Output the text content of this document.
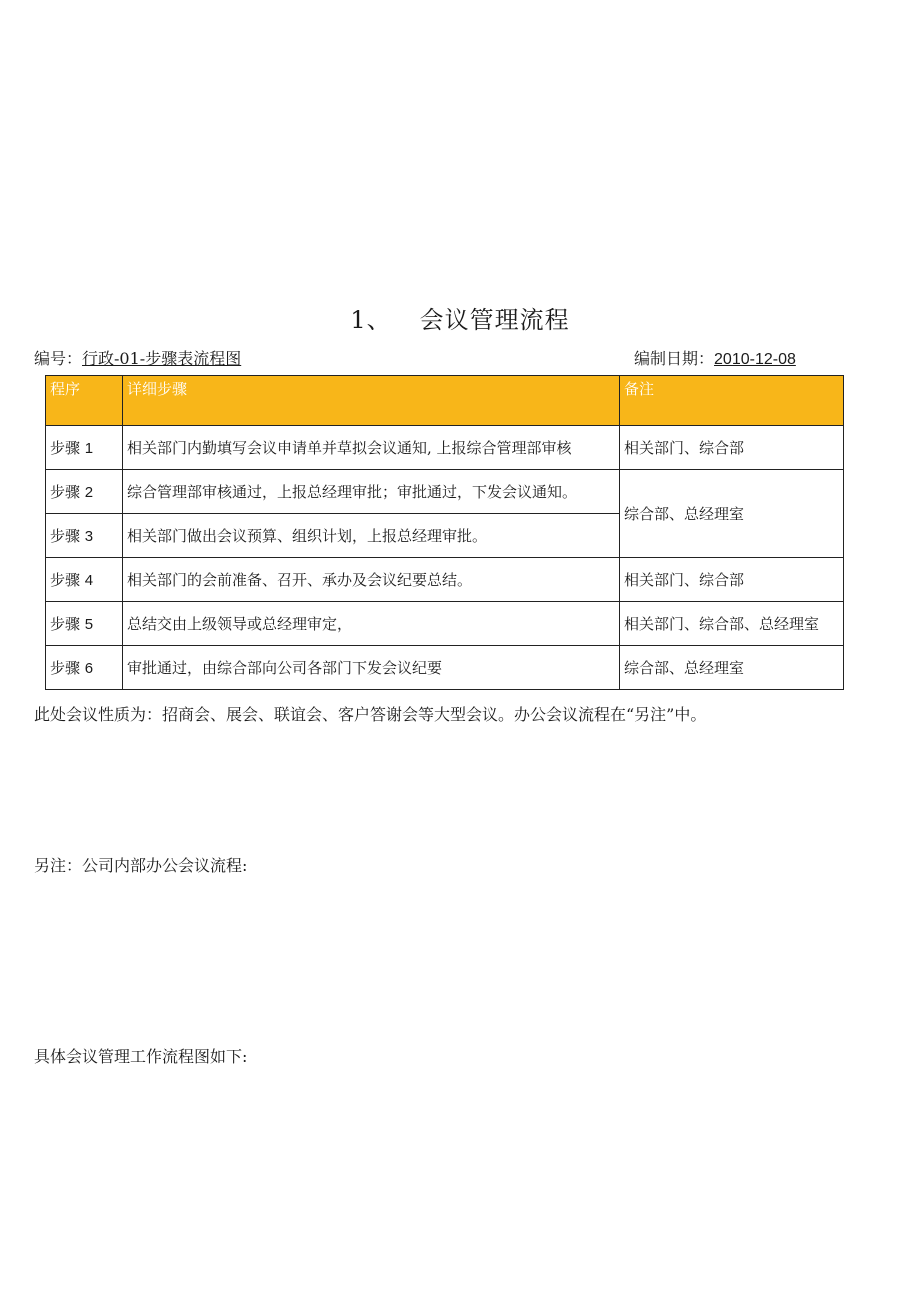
1、 会议管理流程
编号：行政-01-步骤表流程图	编制日期：2010-12-08
程序	详细步骤	备注
步骤 1	相关部门内勤填写会议申请单并草拟会议通知, 上报综合管理部审核	相关部门、综合部
步骤 2	综合管理部审核通过，上报总经理审批；审批通过，下发会议通知。	综合部、总经理室
步骤 3	相关部门做出会议预算、组织计划，上报总经理审批。	
步骤 4	相关部门的会前准备、召开、承办及会议纪要总结。	相关部门、综合部
步骤 5	总结交由上级领导或总经理审定，	相关部门、综合部、总经理室
步骤 6	审批通过，由综合部向公司各部门下发会议纪要	综合部、总经理室
此处会议性质为：招商会、展会、联谊会、客户答谢会等大型会议。办公会议流程在“另注”中。
另注：公司内部办公会议流程:
具体会议管理工作流程图如下:
